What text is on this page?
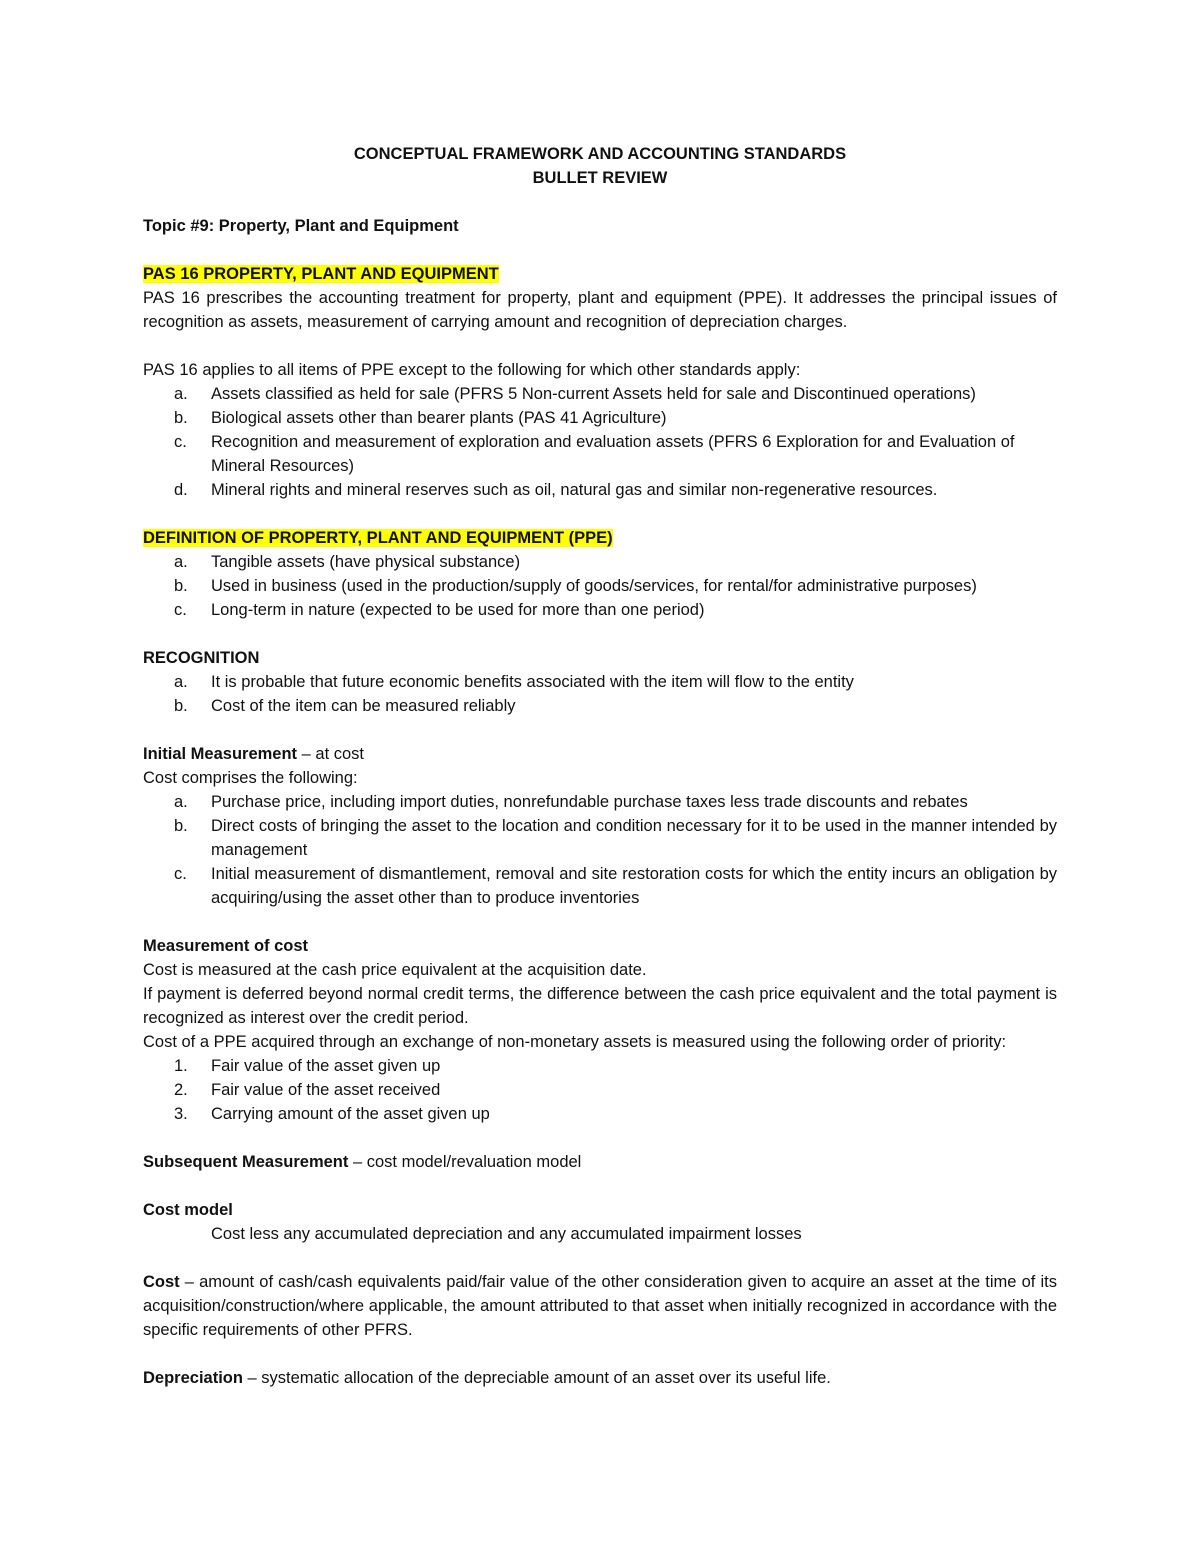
CONCEPTUAL FRAMEWORK AND ACCOUNTING STANDARDS

BULLET REVIEW

Topic #9: Property, Plant and Equipment

PAS 16 PROPERTY, PLANT AND EQUIPMENT

PAS 16 prescribes the accounting treatment for property, plant and equipment (PPE). It addresses the principal issues of recognition as assets, measurement of carrying amount and recognition of depreciation charges.

PAS 16 applies to all items of PPE except to the following for which other standards apply:

a. Assets classified as held for sale (PFRS 5 Non-current Assets held for sale and Discontinued operations)
b. Biological assets other than bearer plants (PAS 41 Agriculture)
c. Recognition and measurement of exploration and evaluation assets (PFRS 6 Exploration for and Evaluation of Mineral Resources)
d. Mineral rights and mineral reserves such as oil, natural gas and similar non-regenerative resources.

DEFINITION OF PROPERTY, PLANT AND EQUIPMENT (PPE)

a. Tangible assets (have physical substance)
b. Used in business (used in the production/supply of goods/services, for rental/for administrative purposes)
c. Long-term in nature (expected to be used for more than one period)

RECOGNITION

a. It is probable that future economic benefits associated with the item will flow to the entity
b. Cost of the item can be measured reliably

Initial Measurement – at cost

Cost comprises the following:

a. Purchase price, including import duties, nonrefundable purchase taxes less trade discounts and rebates
b. Direct costs of bringing the asset to the location and condition necessary for it to be used in the manner intended by management
c. Initial measurement of dismantlement, removal and site restoration costs for which the entity incurs an obligation by acquiring/using the asset other than to produce inventories

Measurement of cost

Cost is measured at the cash price equivalent at the acquisition date.

If payment is deferred beyond normal credit terms, the difference between the cash price equivalent and the total payment is recognized as interest over the credit period.

Cost of a PPE acquired through an exchange of non-monetary assets is measured using the following order of priority:

1. Fair value of the asset given up
2. Fair value of the asset received
3. Carrying amount of the asset given up

Subsequent Measurement – cost model/revaluation model

Cost model

Cost less any accumulated depreciation and any accumulated impairment losses

Cost – amount of cash/cash equivalents paid/fair value of the other consideration given to acquire an asset at the time of its acquisition/construction/where applicable, the amount attributed to that asset when initially recognized in accordance with the specific requirements of other PFRS.

Depreciation – systematic allocation of the depreciable amount of an asset over its useful life.
